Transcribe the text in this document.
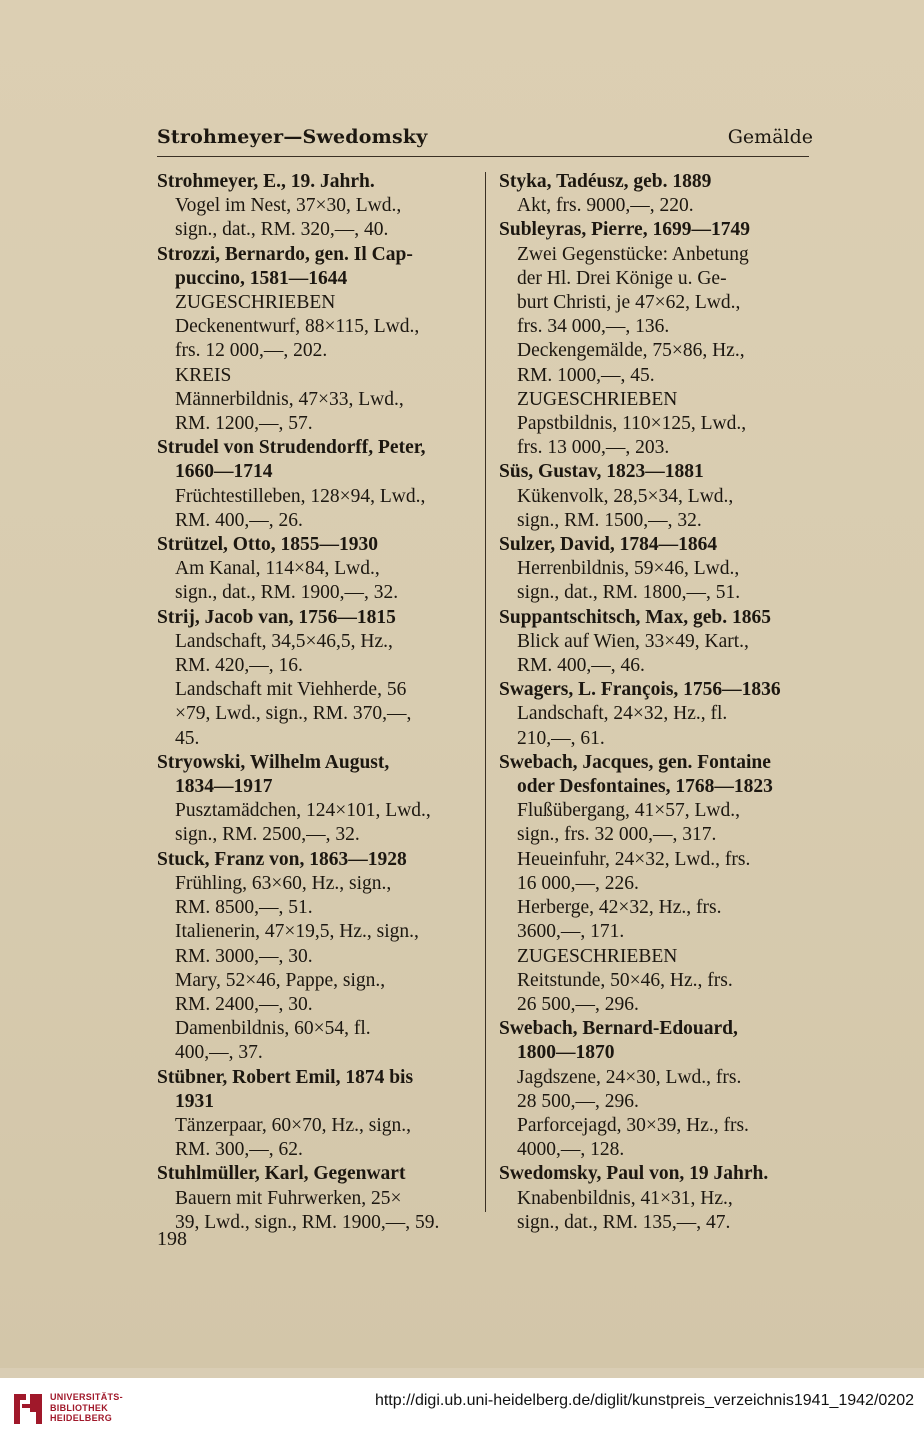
Strohmeyer—Swedomsky	Gemälde
Strohmeyer, E., 19. Jahrh.
Vogel im Nest, 37×30, Lwd.,
sign., dat., RM. 320,—, 40.
Strozzi, Bernardo, gen. Il Cap-
puccino, 1581—1644
ZUGESCHRIEBEN
Deckenentwurf, 88×115, Lwd.,
frs. 12 000,—, 202.
KREIS
Männerbildnis, 47×33, Lwd.,
RM. 1200,—, 57.
Strudel von Strudendorff, Peter,
1660—1714
Früchtestilleben, 128×94, Lwd.,
RM. 400,—, 26.
Strützel, Otto, 1855—1930
Am Kanal, 114×84, Lwd.,
sign., dat., RM. 1900,—, 32.
Strij, Jacob van, 1756—1815
Landschaft, 34,5×46,5, Hz.,
RM. 420,—, 16.
Landschaft mit Viehherde, 56
×79, Lwd., sign., RM. 370,—,
45.
Stryowski, Wilhelm August,
1834—1917
Pusztamädchen, 124×101, Lwd.,
sign., RM. 2500,—, 32.
Stuck, Franz von, 1863—1928
Frühling, 63×60, Hz., sign.,
RM. 8500,—, 51.
Italienerin, 47×19,5, Hz., sign.,
RM. 3000,—, 30.
Mary, 52×46, Pappe, sign.,
RM. 2400,—, 30.
Damenbildnis, 60×54, fl.
400,—, 37.
Stübner, Robert Emil, 1874 bis
1931
Tänzerpaar, 60×70, Hz., sign.,
RM. 300,—, 62.
Stuhlmüller, Karl, Gegenwart
Bauern mit Fuhrwerken, 25×
39, Lwd., sign., RM. 1900,—, 59.
Styka, Tadéusz, geb. 1889
Akt, frs. 9000,—, 220.
Subleyras, Pierre, 1699—1749
Zwei Gegenstücke: Anbetung
der Hl. Drei Könige u. Ge-
burt Christi, je 47×62, Lwd.,
frs. 34 000,—, 136.
Deckengemälde, 75×86, Hz.,
RM. 1000,—, 45.
ZUGESCHRIEBEN
Papstbildnis, 110×125, Lwd.,
frs. 13 000,—, 203.
Süs, Gustav, 1823—1881
Kükenvolk, 28,5×34, Lwd.,
sign., RM. 1500,—, 32.
Sulzer, David, 1784—1864
Herrenbildnis, 59×46, Lwd.,
sign., dat., RM. 1800,—, 51.
Suppantschitsch, Max, geb. 1865
Blick auf Wien, 33×49, Kart.,
RM. 400,—, 46.
Swagers, L. François, 1756—1836
Landschaft, 24×32, Hz., fl.
210,—, 61.
Swebach, Jacques, gen. Fontaine
oder Desfontaines, 1768—1823
Flußübergang, 41×57, Lwd.,
sign., frs. 32 000,—, 317.
Heueinfuhr, 24×32, Lwd., frs.
16 000,—, 226.
Herberge, 42×32, Hz., frs.
3600,—, 171.
ZUGESCHRIEBEN
Reitstunde, 50×46, Hz., frs.
26 500,—, 296.
Swebach, Bernard-Edouard,
1800—1870
Jagdszene, 24×30, Lwd., frs.
28 500,—, 296.
Parforcejagd, 30×39, Hz., frs.
4000,—, 128.
Swedomsky, Paul von, 19 Jahrh.
Knabenbildnis, 41×31, Hz.,
sign., dat., RM. 135,—, 47.
198
UNIVERSITÄTS-
BIBLIOTHEK
HEIDELBERG
http://digi.ub.uni-heidelberg.de/diglit/kunstpreis_verzeichnis1941_1942/0202
